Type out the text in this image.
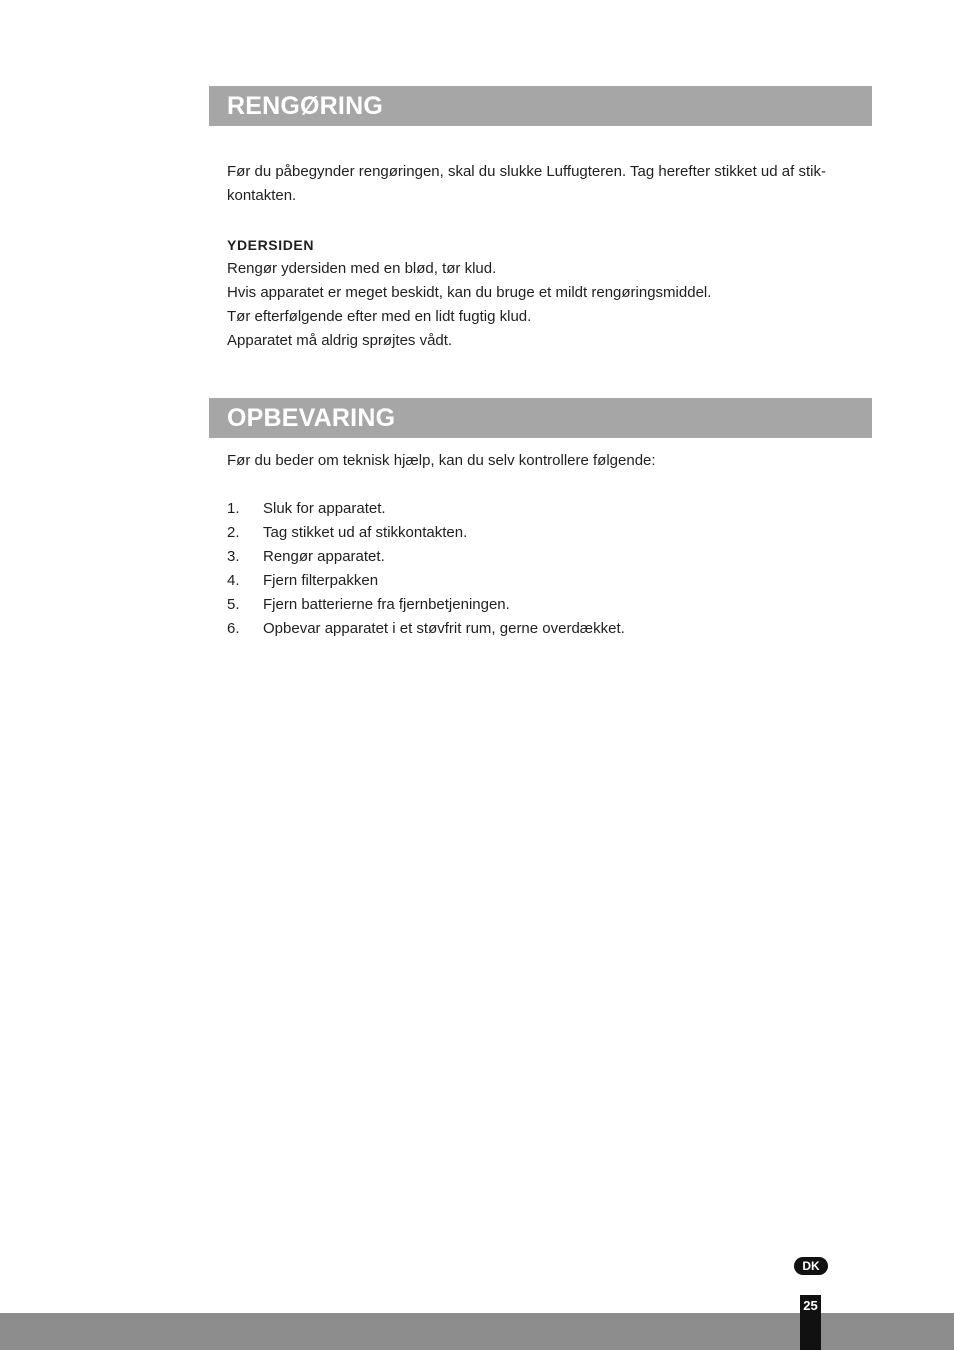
RENGØRING

Før du påbegynder rengøringen, skal du slukke Luffugteren. Tag herefter stikket ud af stik-

kontakten.

YDERSIDEN

Rengør ydersiden med en blød, tør klud.

Hvis apparatet er meget beskidt, kan du bruge et mildt rengøringsmiddel.

Tør efterfølgende efter med en lidt fugtig klud.

Apparatet må aldrig sprøjtes vådt.

OPBEVARING

Før du beder om teknisk hjælp, kan du selv kontrollere følgende:

1.	Sluk for apparatet.
2.	Tag stikket ud af stikkontakten.
3.	Rengør apparatet.
4.	Fjern filterpakken
5.	Fjern batterierne fra fjernbetjeningen.
6.	Opbevar apparatet i et støvfrit rum, gerne overdækket.
DK
25
